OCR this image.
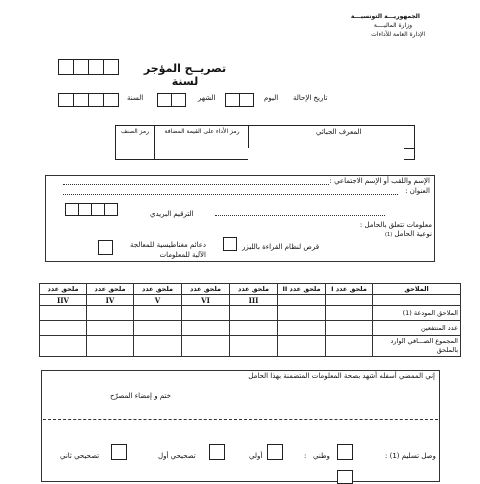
الجمهوريـــة التونسيـــة
وزارة الماليــــة
الإدارة العامة للأداءات
تصريــح المؤجر لسنة
السنة	الشهر	اليوم تاريخ الإحالة
المعرف الجبائي
رمز الأداء على القيمة المضافة
رمز الصنف
الإسم واللقب أو الإسم الاجتماعي :
العنوان :
الترقيم البريدي
معلومات تتعلق بالحامل :
نوعية الحامل (1)
قرص لنظام القراءة بالليزر
دعائم مغناطيسية للمعالجة الآلية للمعلومات
الملاحق	ملحق عدد I	ملحق عدد II	ملحق عدد	ملحق عدد	ملحق عدد	ملحق عدد	ملحق عدد
			III	VI	V	IV	IIV
الملاحق المودعة (1)							
عدد المنتفعين							
المجموع الصـــافي الوارد بالملحق							
إني الممضي أسفله أشهد بصحة المعلومات المتضمنة بهذا الحامل
ختم و إمضاء المصرّح
وصل تسليم (1) :
وطني
:
أولي
تصحيحي أول
تصحيحي ثاني
